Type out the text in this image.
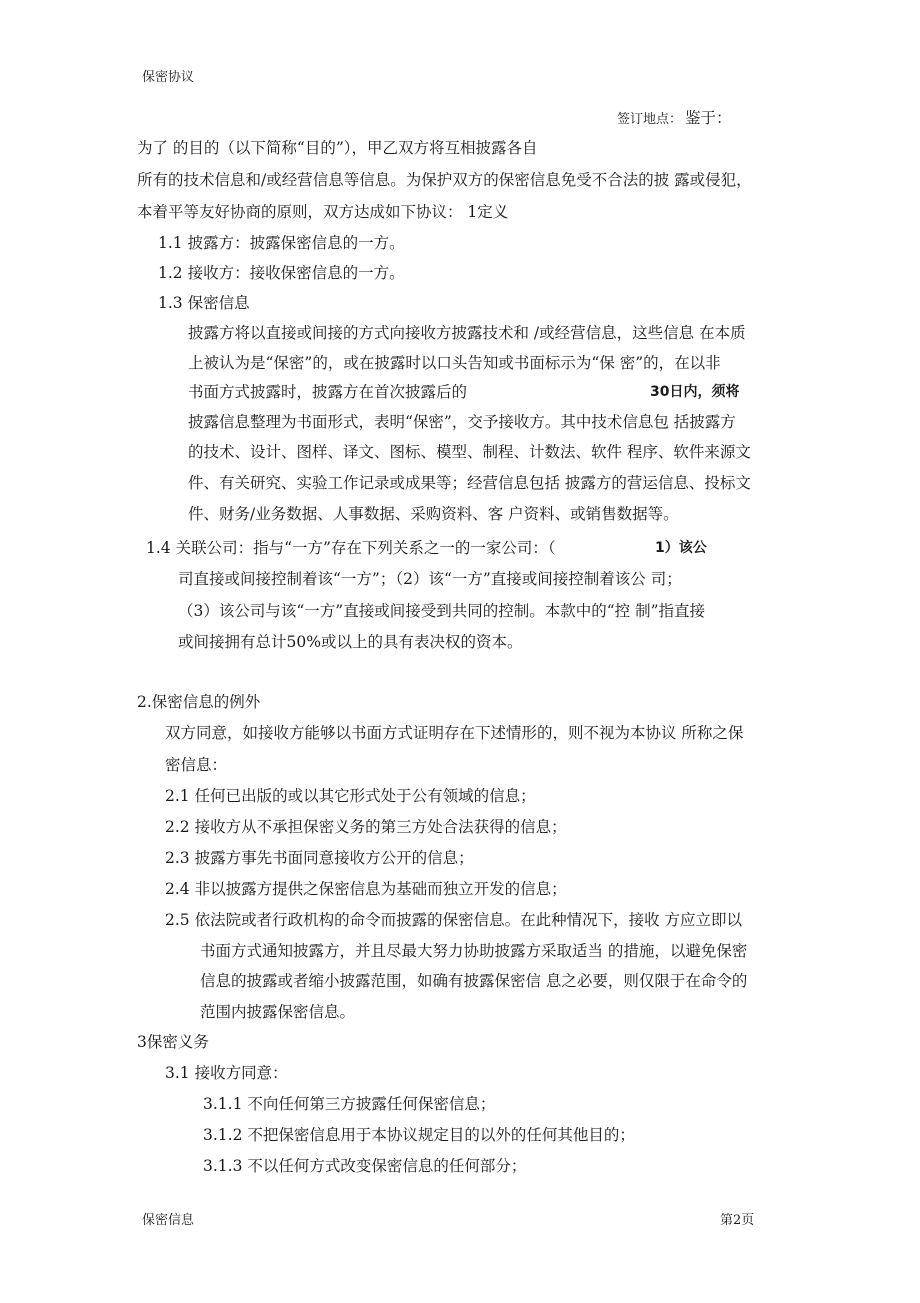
保密协议
签订地点： 鉴于：
为了 的目的（以下简称“目的”），甲乙双方将互相披露各自
所有的技术信息和/或经营信息等信息。为保护双方的保密信息免受不合法的披 露或侵犯，
本着平等友好协商的原则，双方达成如下协议： 1定义
1.1 披露方：披露保密信息的一方。
1.2 接收方：接收保密信息的一方。
1.3 保密信息
披露方将以直接或间接的方式向接收方披露技术和 /或经营信息，这些信息 在本质
上被认为是“保密”的，或在披露时以口头告知或书面标示为“保 密”的，在以非
书面方式披露时，披露方在首次披露后的	30日内，须将
披露信息整理为书面形式，表明“保密”，交予接收方。其中技术信息包 括披露方
的技术、设计、图样、译文、图标、模型、制程、计数法、软件 程序、软件来源文
件、有关研究、实验工作记录或成果等；经营信息包括 披露方的营运信息、投标文
件、财务/业务数据、人事数据、采购资料、客 户资料、或销售数据等。
1.4 关联公司：指与“一方”存在下列关系之一的一家公司：（	1）该公
司直接或间接控制着该“一方”；（2）该“一方”直接或间接控制着该公 司；
（3）该公司与该“一方”直接或间接受到共同的控制。本款中的“控 制”指直接
或间接拥有总计50%或以上的具有表决权的资本。
2.保密信息的例外
双方同意，如接收方能够以书面方式证明存在下述情形的，则不视为本协议 所称之保
密信息：
2.1 任何已出版的或以其它形式处于公有领域的信息；
2.2 接收方从不承担保密义务的第三方处合法获得的信息；
2.3 披露方事先书面同意接收方公开的信息；
2.4 非以披露方提供之保密信息为基础而独立开发的信息；
2.5 依法院或者行政机构的命令而披露的保密信息。在此种情况下，接收 方应立即以
书面方式通知披露方，并且尽最大努力协助披露方采取适当 的措施，以避免保密
信息的披露或者缩小披露范围，如确有披露保密信 息之必要，则仅限于在命令的
范围内披露保密信息。
3保密义务
3.1 接收方同意：
3.1.1 不向任何第三方披露任何保密信息；
3.1.2 不把保密信息用于本协议规定目的以外的任何其他目的；
3.1.3 不以任何方式改变保密信息的任何部分；
保密信息	第2页
